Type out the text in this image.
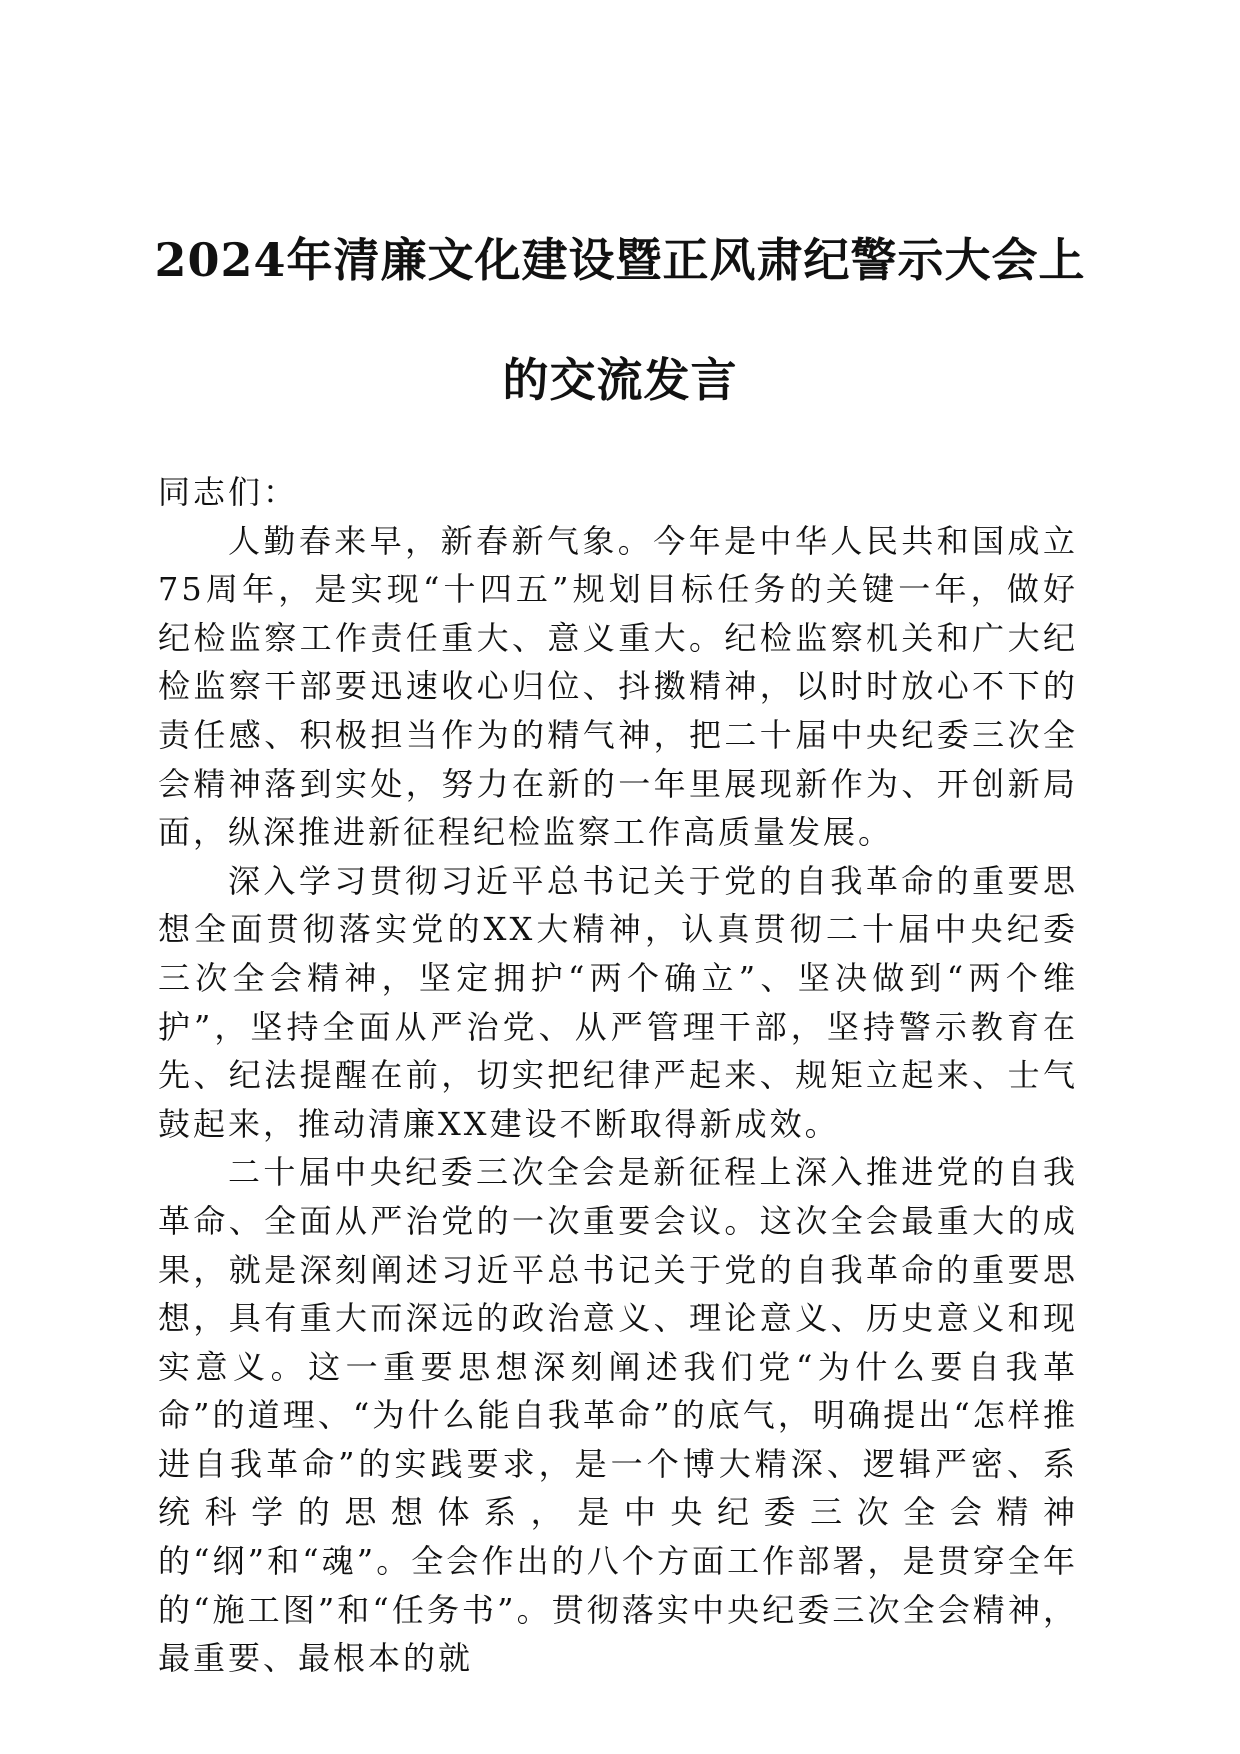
2024年清廉文化建设暨正风肃纪警示大会上
的交流发言

同志们：

人勤春来早，新春新气象。今年是中华人民共和国成立75周年，是实现“十四五”规划目标任务的关键一年，做好纪检监察工作责任重大、意义重大。纪检监察机关和广大纪检监察干部要迅速收心归位、抖擞精神，以时时放心不下的责任感、积极担当作为的精气神，把二十届中央纪委三次全会精神落到实处，努力在新的一年里展现新作为、开创新局面，纵深推进新征程纪检监察工作高质量发展。

深入学习贯彻习近平总书记关于党的自我革命的重要思想全面贯彻落实党的XX大精神，认真贯彻二十届中央纪委三次全会精神，坚定拥护“两个确立”、坚决做到“两个维护”，坚持全面从严治党、从严管理干部，坚持警示教育在先、纪法提醒在前，切实把纪律严起来、规矩立起来、士气鼓起来，推动清廉XX建设不断取得新成效。

二十届中央纪委三次全会是新征程上深入推进党的自我革命、全面从严治党的一次重要会议。这次全会最重大的成果，就是深刻阐述习近平总书记关于党的自我革命的重要思想，具有重大而深远的政治意义、理论意义、历史意义和现实意义。这一重要思想深刻阐述我们党“为什么要自我革命”的道理、“为什么能自我革命”的底气，明确提出“怎样推进自我革命”的实践要求，是一个博大精深、逻辑严密、系统科学的思想体系，是中央纪委三次全会精神的“纲”和“魂”。全会作出的八个方面工作部署，是贯穿全年的“施工图”和“任务书”。贯彻落实中央纪委三次全会精神，最重要、最根本的就
